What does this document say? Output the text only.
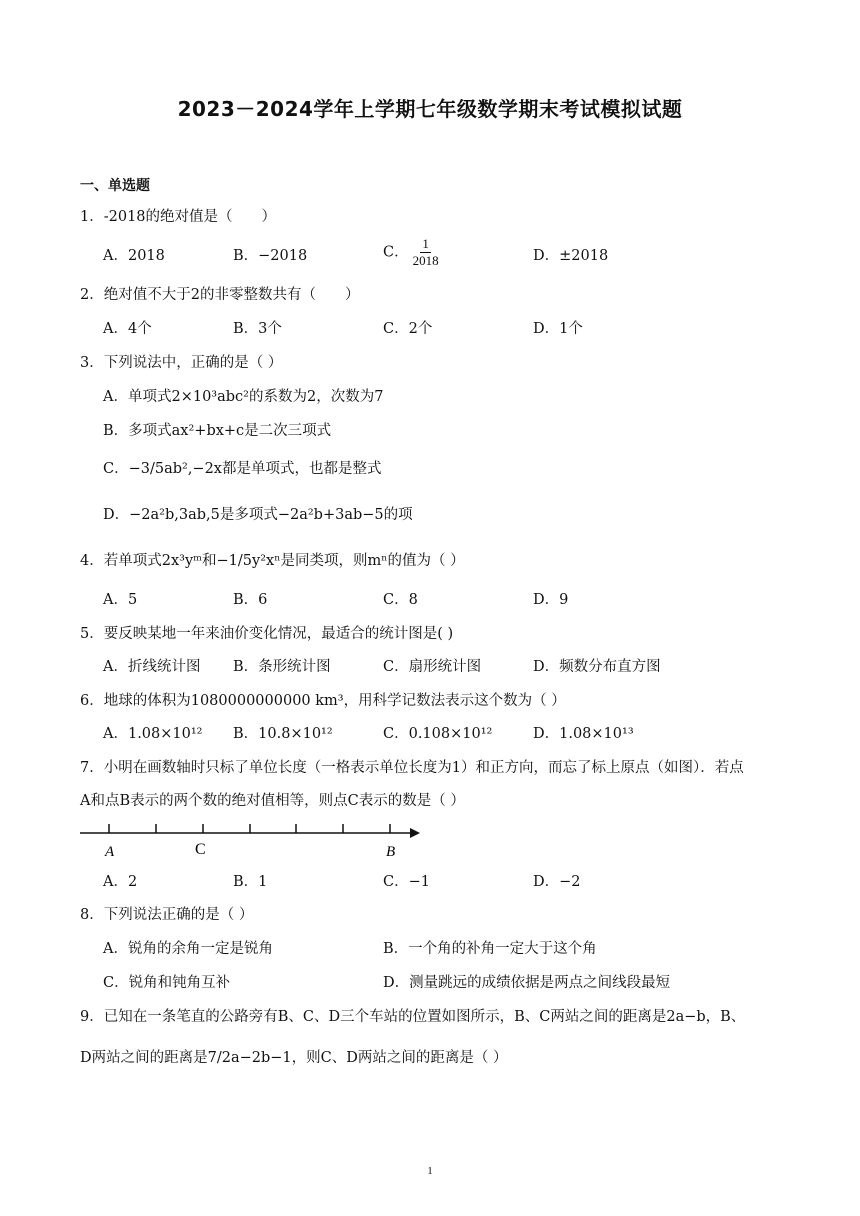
2023－2024学年上学期七年级数学期末考试模拟试题
一、单选题
1．-2018的绝对值是（　　）
A．2018	B．−2018	C． $\frac{1}{2018}$	D．±2018
2．绝对值不大于2的非零整数共有（　　）
A．4个	B．3个	C．2个	D．1个
3．下列说法中，正确的是（ ）
A．单项式2×10³abc²的系数为2，次数为7
B．多项式ax²+bx+c是二次三项式
C．−3/5ab²,−2x都是单项式，也都是整式
D．−2a²b,3ab,5是多项式−2a²b+3ab−5的项
4．若单项式2x³yᵐ和−1/5y²xⁿ是同类项，则mⁿ的值为（ ）
A．5	B．6	C．8	D．9
5．要反映某地一年来油价变化情况，最适合的统计图是( )
A．折线统计图 B．条形统计图	C．扇形统计图	D．频数分布直方图
6．地球的体积为1080000000000 km³，用科学记数法表示这个数为（ ）
A．1.08×10¹² B．10.8×10¹²	C．0.108×10¹²	D．1.08×10¹³
7．小明在画数轴时只标了单位长度（一格表示单位长度为1）和正方向，而忘了标上原点（如图）．若点
A和点B表示的两个数的绝对值相等，则点C表示的数是（ ）
A	C	B
A．2	B．1	C．−1	D．−2
8．下列说法正确的是（ ）
A．锐角的余角一定是锐角	B．一个角的补角一定大于这个角
C．锐角和钝角互补	D．测量跳远的成绩依据是两点之间线段最短
9．已知在一条笔直的公路旁有B、C、D三个车站的位置如图所示，B、C两站之间的距离是2a−b，B、
D两站之间的距离是7/2a−2b−1，则C、D两站之间的距离是（ ）
1
